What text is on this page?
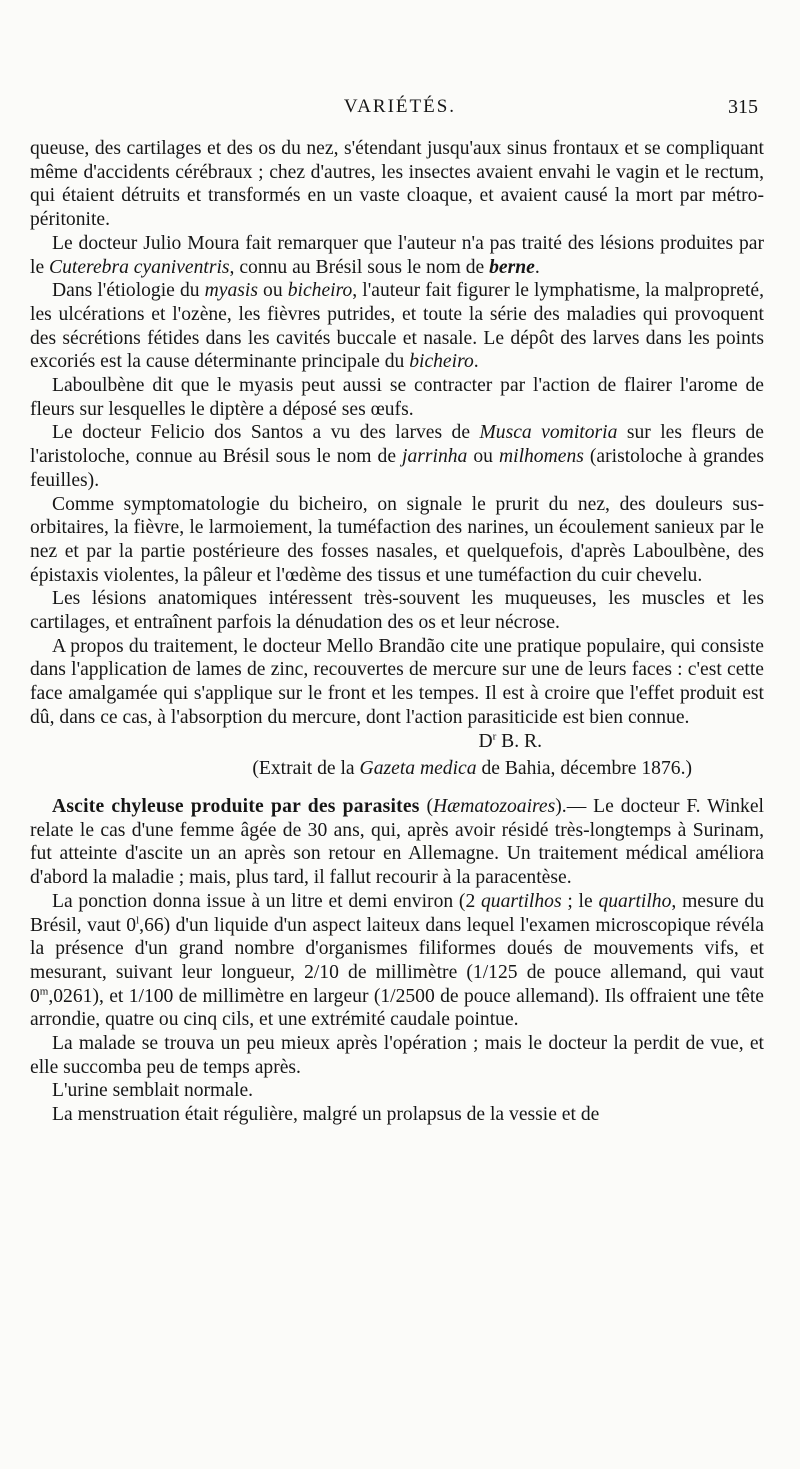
VARIÉTÉS.	315

queuse, des cartilages et des os du nez, s'étendant jusqu'aux sinus frontaux et se compliquant même d'accidents cérébraux ; chez d'autres, les insectes avaient envahi le vagin et le rectum, qui étaient détruits et transformés en un vaste cloaque, et avaient causé la mort par métro-péritonite.

Le docteur Julio Moura fait remarquer que l'auteur n'a pas traité des lésions produites par le Cuterebra cyaniventris, connu au Brésil sous le nom de berne.

Dans l'étiologie du myasis ou bicheiro, l'auteur fait figurer le lymphatisme, la malpropreté, les ulcérations et l'ozène, les fièvres putrides, et toute la série des maladies qui provoquent des sécrétions fétides dans les cavités buccale et nasale. Le dépôt des larves dans les points excoriés est la cause déterminante principale du bicheiro.

Laboulbène dit que le myasis peut aussi se contracter par l'action de flairer l'arome de fleurs sur lesquelles le diptère a déposé ses œufs.

Le docteur Felicio dos Santos a vu des larves de Musca vomitoria sur les fleurs de l'aristoloche, connue au Brésil sous le nom de jarrinha ou milhomens (aristoloche à grandes feuilles).

Comme symptomatologie du bicheiro, on signale le prurit du nez, des douleurs sus-orbitaires, la fièvre, le larmoiement, la tuméfaction des narines, un écoulement sanieux par le nez et par la partie postérieure des fosses nasales, et quelquefois, d'après Laboulbène, des épistaxis violentes, la pâleur et l'œdème des tissus et une tuméfaction du cuir chevelu.

Les lésions anatomiques intéressent très-souvent les muqueuses, les muscles et les cartilages, et entraînent parfois la dénudation des os et leur nécrose.

A propos du traitement, le docteur Mello Brandão cite une pratique populaire, qui consiste dans l'application de lames de zinc, recouvertes de mercure sur une de leurs faces : c'est cette face amalgamée qui s'applique sur le front et les tempes. Il est à croire que l'effet produit est dû, dans ce cas, à l'absorption du mercure, dont l'action parasiticide est bien connue.

$D^r$ B. R.

(Extrait de la Gazeta medica de Bahia, décembre 1876.)

Ascite chyleuse produite par des parasites (Hæmatozoaires).— Le docteur F. Winkel relate le cas d'une femme âgée de 30 ans, qui, après avoir résidé très-longtemps à Surinam, fut atteinte d'ascite un an après son retour en Allemagne. Un traitement médical améliora d'abord la maladie ; mais, plus tard, il fallut recourir à la paracentèse.

La ponction donna issue à un litre et demi environ (2 quartilhos ; le quartilho, mesure du Brésil, vaut 0$^l$,66) d'un liquide d'un aspect laiteux dans lequel l'examen microscopique révéla la présence d'un grand nombre d'organismes filiformes doués de mouvements vifs, et mesurant, suivant leur longueur, 2/10 de millimètre (1/125 de pouce allemand, qui vaut 0$^m$,0261), et 1/100 de millimètre en largeur (1/2500 de pouce allemand). Ils offraient une tête arrondie, quatre ou cinq cils, et une extrémité caudale pointue.

La malade se trouva un peu mieux après l'opération ; mais le docteur la perdit de vue, et elle succomba peu de temps après.

L'urine semblait normale.

La menstruation était régulière, malgré un prolapsus de la vessie et de
